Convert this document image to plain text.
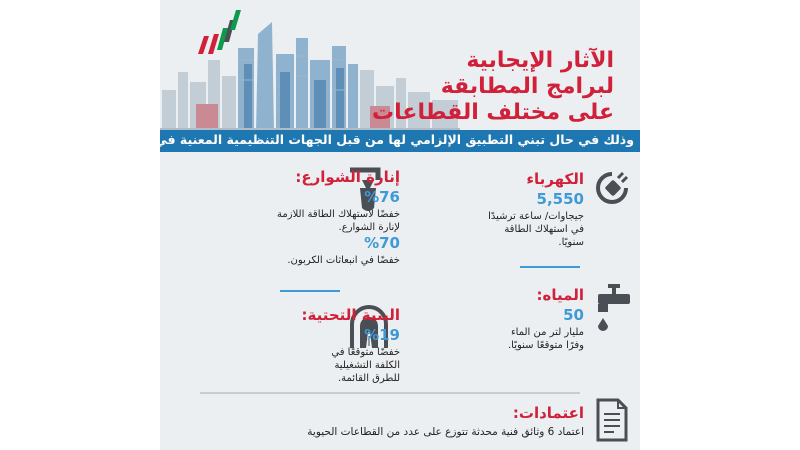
الآثار الإيجابية
لبرامج المطابقة
على مختلف القطاعات
وذلك في حال تبني التطبيق الإلزامي لها من قبل الجهات التنظيمية المعنية في الإمارة:
الكهرباء
5,550
جيجاوات/ ساعة ترشيدًا
في استهلاك الطاقة
سنويًا.
إنارة الشوارع:
%76
خفضًا لاستهلاك الطاقة اللازمة
لإنارة الشوارع.
%70
خفضًا في انبعاثات الكربون.
المياه:
50
مليار لتر من الماء
وفرًا متوقعًا سنويًا.
البنية التحتية:
%19
خفضًا متوقعًا في
الكلفة التشغيلية
للطرق القائمة.
اعتمادات:
اعتماد 6 وثائق فنية محدثة تتوزع على عدد من القطاعات الحيوية
